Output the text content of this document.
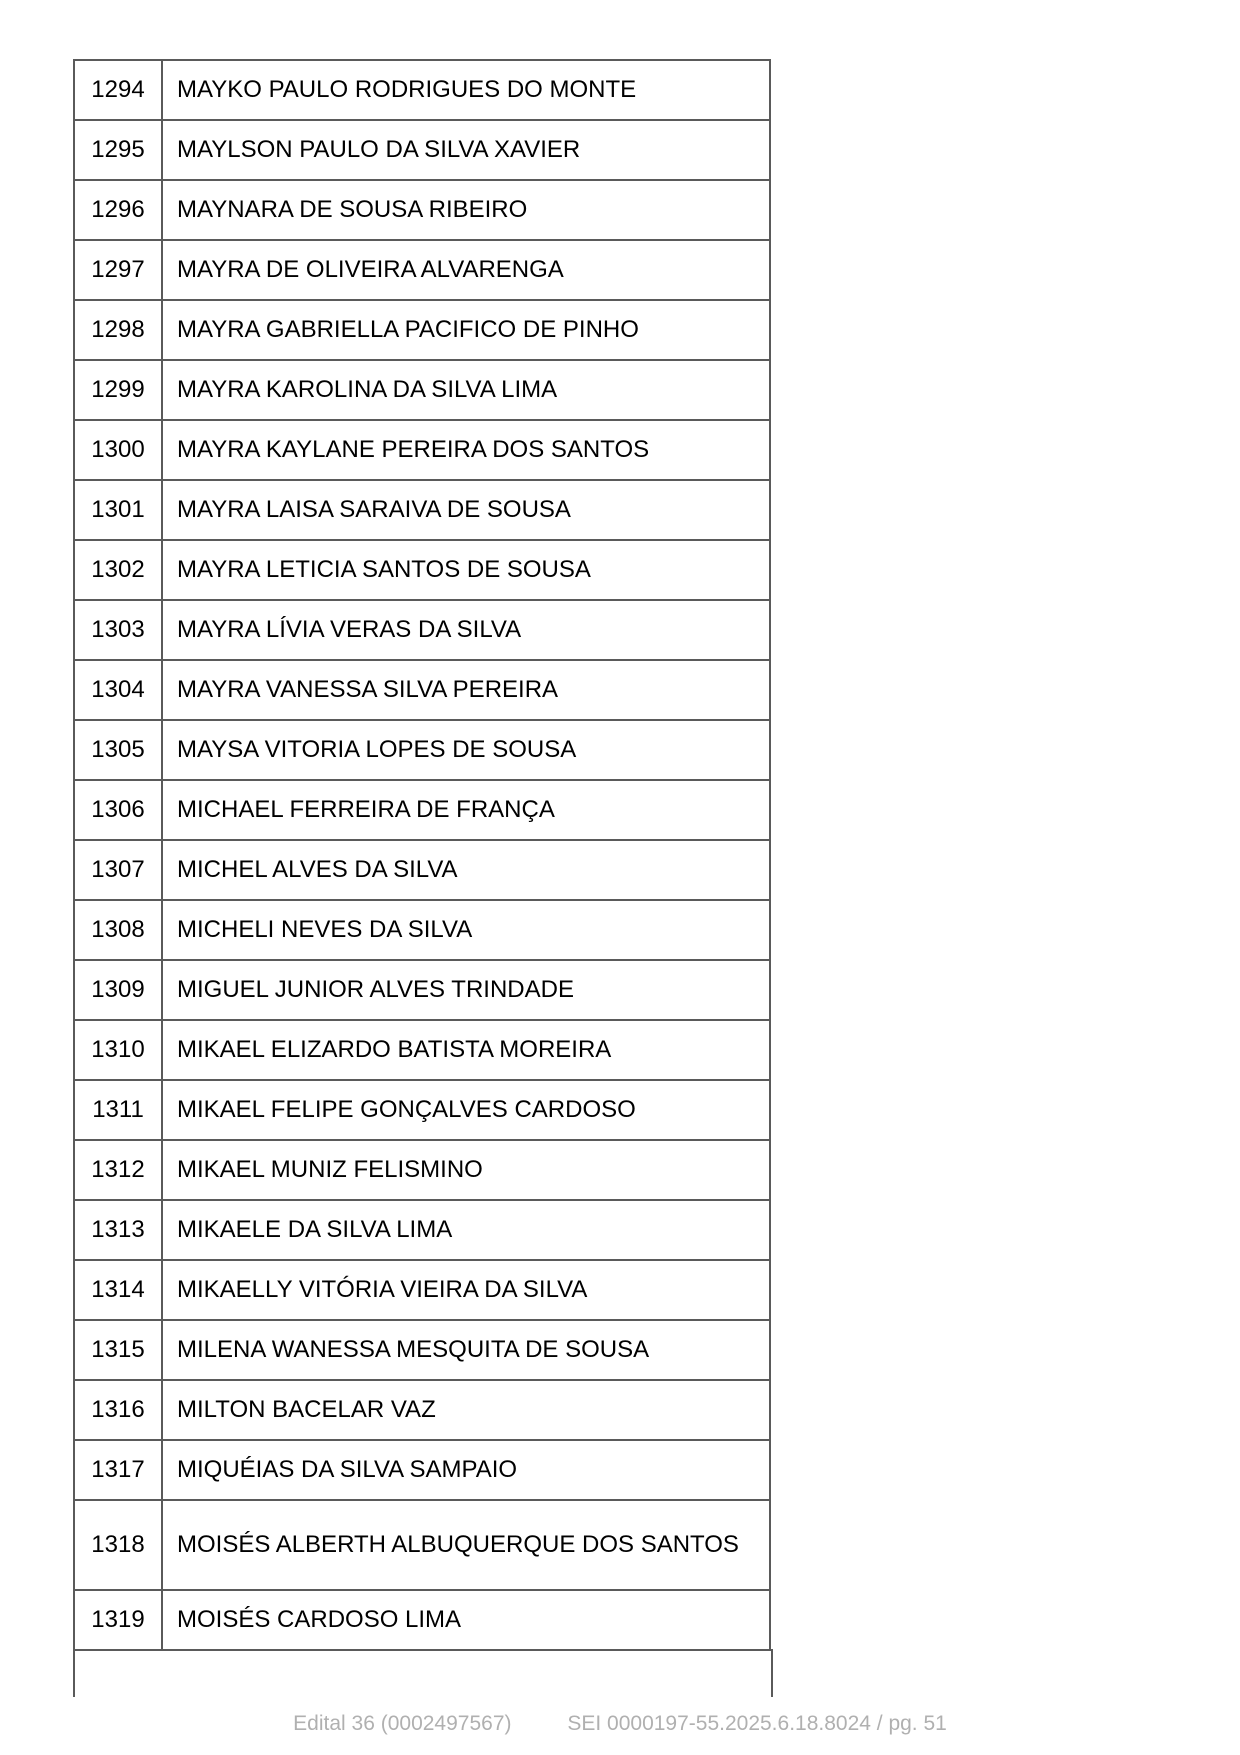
1294	MAYKO PAULO RODRIGUES DO MONTE
1295	MAYLSON PAULO DA SILVA XAVIER
1296	MAYNARA DE SOUSA RIBEIRO
1297	MAYRA DE OLIVEIRA ALVARENGA
1298	MAYRA GABRIELLA PACIFICO DE PINHO
1299	MAYRA KAROLINA DA SILVA LIMA
1300	MAYRA KAYLANE PEREIRA DOS SANTOS
1301	MAYRA LAISA SARAIVA DE SOUSA
1302	MAYRA LETICIA SANTOS DE SOUSA
1303	MAYRA LÍVIA VERAS DA SILVA
1304	MAYRA VANESSA SILVA PEREIRA
1305	MAYSA VITORIA LOPES DE SOUSA
1306	MICHAEL FERREIRA DE FRANÇA
1307	MICHEL ALVES DA SILVA
1308	MICHELI NEVES DA SILVA
1309	MIGUEL JUNIOR ALVES TRINDADE
1310	MIKAEL ELIZARDO BATISTA MOREIRA
1311	MIKAEL FELIPE GONÇALVES CARDOSO
1312	MIKAEL MUNIZ FELISMINO
1313	MIKAELE DA SILVA LIMA
1314	MIKAELLY VITÓRIA VIEIRA DA SILVA
1315	MILENA WANESSA MESQUITA DE SOUSA
1316	MILTON BACELAR VAZ
1317	MIQUÉIAS DA SILVA SAMPAIO
1318	MOISÉS ALBERTH ALBUQUERQUE DOS SANTOS
1319	MOISÉS CARDOSO LIMA
Edital 36 (0002497567)	SEI 0000197-55.2025.6.18.8024 / pg. 51
